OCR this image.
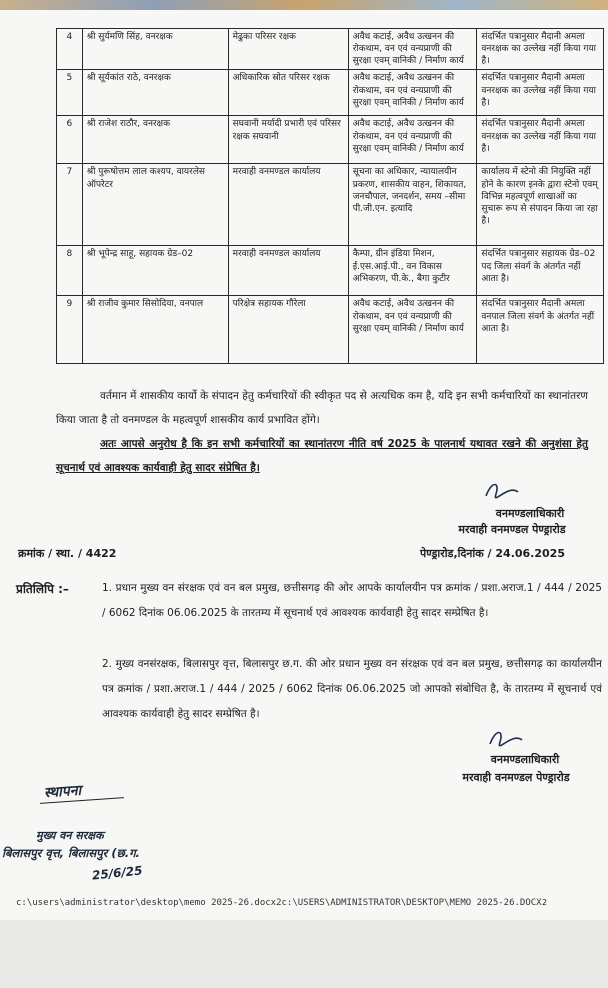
4	श्री सुर्यमणि सिंह, वनरक्षक	मेढुका परिसर रक्षक	अवैध कटाई, अवैध उत्खनन की रोकथाम, वन एवं वन्यप्राणी की सुरक्षा एवम् वानिकी / निर्माण कार्य	संदर्भित पत्रानुसार मैदानी अमला वनरक्षक का उल्लेख नहीं किया गया है।
5	श्री सूर्यकांत राठे, वनरक्षक	अधिकारिक स्रोत परिसर रक्षक	अवैध कटाई, अवैध उत्खनन की रोकथाम, वन एवं वन्यप्राणी की सुरक्षा एवम् वानिकी / निर्माण कार्य	संदर्भित पत्रानुसार मैदानी अमला वनरक्षक का उल्लेख नहीं किया गया है।
6	श्री राजेश राठौर, वनरक्षक	सघवानी मर्यादी प्रभारी एवं परिसर रक्षक सघवानी	अवैध कटाई, अवैध उत्खनन की रोकथाम, वन एवं वन्यप्राणी की सुरक्षा एवम् वानिकी / निर्माण कार्य	संदर्भित पत्रानुसार मैदानी अमला वनरक्षक का उल्लेख नहीं किया गया है।
7	श्री पुरूषोत्तम लाल कश्यप, वायरलेस ऑपरेटर	मरवाही वनमण्डल कार्यालय	सूचना का अधिकार, न्यायालयीन प्रकरण, शासकीय वाहन, शिकायत, जनचौपाल, जनदर्शन, समय –सीमा पी.जी.एन. इत्यादि	कार्यालय में स्टेनो की नियुक्ति नहीं होने के कारण इनके द्वारा स्टेनो एवम् विभिन्न महत्वपूर्ण शाखाओं का सुचारू रूप से संपादन किया जा रहा है।
8	श्री भूपेन्द्र साहू, सहायक ग्रेड–02	मरवाही वनमण्डल कार्यालय	कैम्पा, ग्रीन इंडिया मिशन, ई.एस.आई.पी., वन विकास अभिकरण, पी.के., बैगा कुटीर	संदर्भित पत्रानुसार सहायक ग्रेड–02 पद जिला संवर्ग के अंतर्गत नहीं आता है।
9	श्री राजीव कुमार सिसोदिया, वनपाल	परिक्षेत्र सहायक गौरेला	अवैध कटाई, अवैध उत्खनन की रोकथाम, वन एवं वन्यप्राणी की सुरक्षा एवम् वानिकी / निर्माण कार्य	संदर्भित पत्रानुसार मैदानी अमला वनपाल जिला संवर्ग के अंतर्गत नहीं आता है।
वर्तमान में शासकीय कार्यो के संपादन हेतु कर्मचारियों की स्वीकृत पद से अत्यधिक कम है, यदि इन सभी कर्मचारियों का स्थानांतरण किया जाता है तो वनमण्डल के महत्वपूर्ण शासकीय कार्य प्रभावित होंगे।
अतः आपसे अनुरोध है कि इन सभी कर्मचारियों का स्थानांतरण नीति वर्ष 2025 के पालनार्थ यथावत रखने की अनुशंसा हेतु सूचनार्थ एवं आवश्यक कार्यवाही हेतु सादर संप्रेषित है।
वनमण्डलाधिकारी
मरवाही वनमण्डल पेण्ड्रारोड
क्रमांक / स्था. / 4422	पेण्ड्रारोड,दिनांक / 24.06.2025
प्रतिलिपि :–	1. प्रधान मुख्य वन संरक्षक एवं वन बल प्रमुख, छत्तीसगढ़ की ओर आपके कार्यालयीन पत्र क्रमांक / प्रशा.अराज.1 / 444 / 2025 / 6062 दिनांक 06.06.2025 के तारतम्य में सूचनार्थ एवं आवश्यक कार्यवाही हेतु सादर सम्प्रेषित है।
2. मुख्य वनसंरक्षक, बिलासपुर वृत्त, बिलासपुर छ.ग. की ओर प्रधान मुख्य वन संरक्षक एवं वन बल प्रमुख, छत्तीसगढ़ का कार्यालयीन पत्र क्रमांक / प्रशा.अराज.1 / 444 / 2025 / 6062 दिनांक 06.06.2025 जो आपको संबोधित है, के तारतम्य में सूचनार्थ एवं आवश्यक कार्यवाही हेतु सादर सम्प्रेषित है।
स्थापना
वनमण्डलाधिकारी
मरवाही वनमण्डल पेण्ड्रारोड
मुख्य वन सरक्षक
बिलासपुर वृत्त, बिलासपुर (छ.ग.
25/6/25
c:\users\administrator\desktop\memo 2025-26.docx2c:\USERS\ADMINISTRATOR\DESKTOP\MEMO 2025-26.DOCX 2
